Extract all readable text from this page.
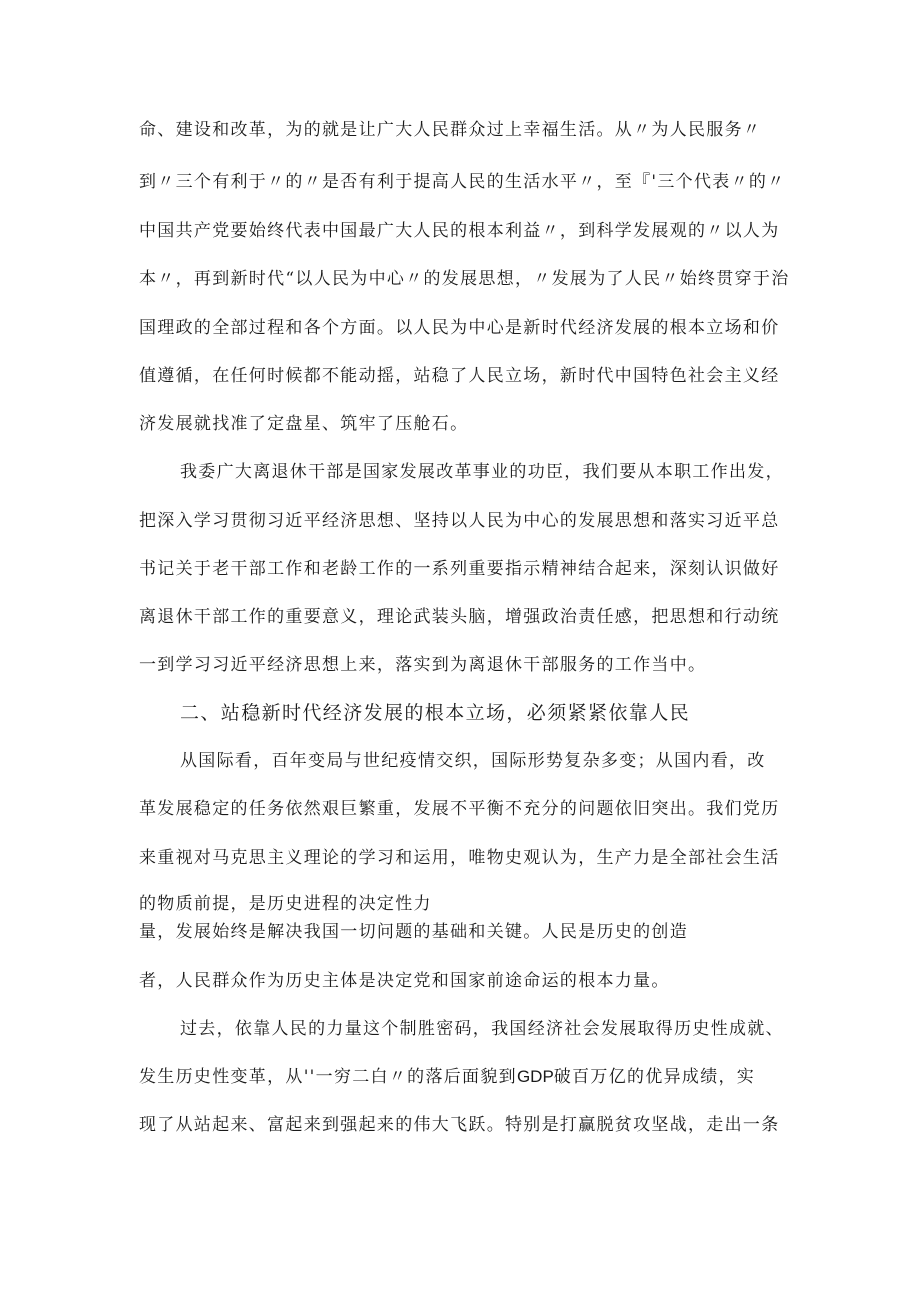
命、建设和改革，为的就是让广大人民群众过上幸福生活。从〃为人民服务〃
到〃三个有利于〃的〃是否有利于提高人民的生活水平〃，至『'三个代表〃的〃
中国共产党要始终代表中国最广大人民的根本利益〃，到科学发展观的〃以人为
本〃，再到新时代“以人民为中心〃的发展思想，〃发展为了人民〃始终贯穿于治
国理政的全部过程和各个方面。以人民为中心是新时代经济发展的根本立场和价
值遵循，在任何时候都不能动摇，站稳了人民立场，新时代中国特色社会主义经
济发展就找准了定盘星、筑牢了压舱石。
我委广大离退休干部是国家发展改革事业的功臣，我们要从本职工作出发，
把深入学习贯彻习近平经济思想、坚持以人民为中心的发展思想和落实习近平总
书记关于老干部工作和老龄工作的一系列重要指示精神结合起来，深刻认识做好
离退休干部工作的重要意义，理论武装头脑，增强政治责任感，把思想和行动统
一到学习习近平经济思想上来，落实到为离退休干部服务的工作当中。
二、站稳新时代经济发展的根本立场，必须紧紧依靠人民
从国际看，百年变局与世纪疫情交织，国际形势复杂多变；从国内看，改
革发展稳定的任务依然艰巨繁重，发展不平衡不充分的问题依旧突出。我们党历
来重视对马克思主义理论的学习和运用，唯物史观认为，生产力是全部社会生活
的物质前提，是历史进程的决定性力
量，发展始终是解决我国一切问题的基础和关键。人民是历史的创造
者，人民群众作为历史主体是决定党和国家前途命运的根本力量。
过去，依靠人民的力量这个制胜密码，我国经济社会发展取得历史性成就、
发生历史性变革，从''一穷二白〃的落后面貌到GDP破百万亿的优异成绩，实
现了从站起来、富起来到强起来的伟大飞跃。特别是打赢脱贫攻坚战，走出一条
